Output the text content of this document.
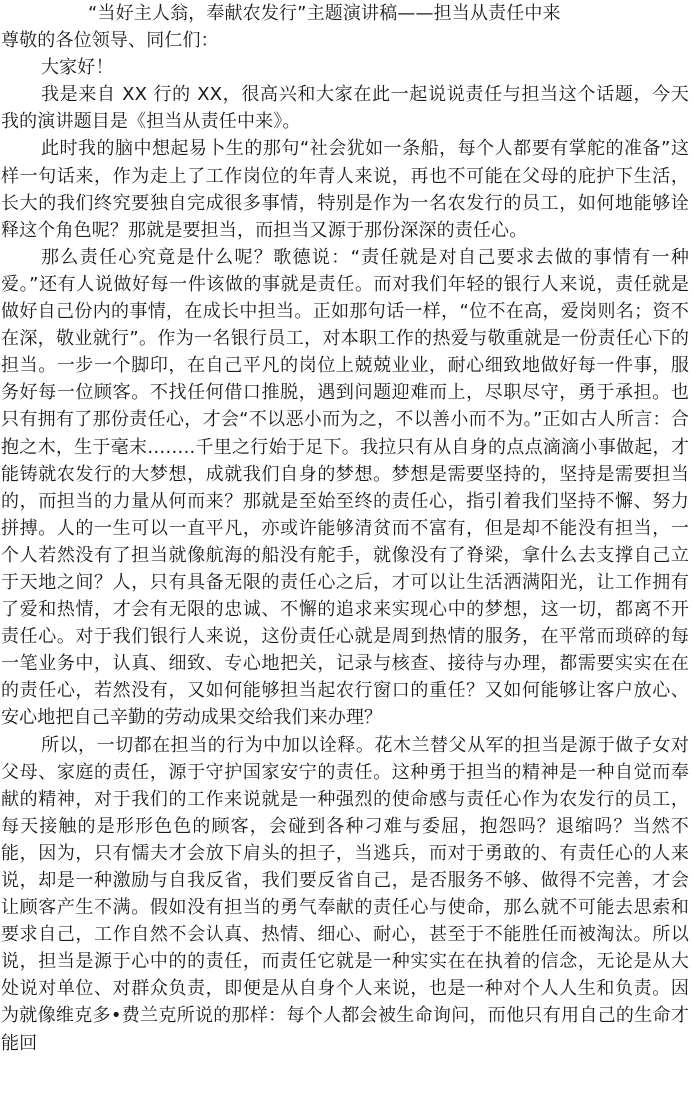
“当好主人翁，奉献农发行”主题演讲稿——担当从责任中来

尊敬的各位领导、同仁们：

大家好！

我是来自 XX 行的 XX，很高兴和大家在此一起说说责任与担当这个话题，今天我的演讲题目是《担当从责任中来》。

此时我的脑中想起易卜生的那句“社会犹如一条船，每个人都要有掌舵的准备”这样一句话来，作为走上了工作岗位的年青人来说，再也不可能在父母的庇护下生活，长大的我们终究要独自完成很多事情，特别是作为一名农发行的员工，如何地能够诠释这个角色呢？那就是要担当，而担当又源于那份深深的责任心。

那么责任心究竟是什么呢？歌德说：“责任就是对自己要求去做的事情有一种爱。”还有人说做好每一件该做的事就是责任。而对我们年轻的银行人来说，责任就是做好自己份内的事情，在成长中担当。正如那句话一样，“位不在高，爱岗则名；资不在深，敬业就行”。作为一名银行员工，对本职工作的热爱与敬重就是一份责任心下的担当。一步一个脚印，在自己平凡的岗位上兢兢业业，耐心细致地做好每一件事，服务好每一位顾客。不找任何借口推脱，遇到问题迎难而上，尽职尽守，勇于承担。也只有拥有了那份责任心，才会“不以恶小而为之，不以善小而不为。”正如古人所言：合抱之木，生于毫末……..千里之行始于足下。我拉只有从自身的点点滴滴小事做起，才能铸就农发行的大梦想，成就我们自身的梦想。梦想是需要坚持的，坚持是需要担当的，而担当的力量从何而来？那就是至始至终的责任心，指引着我们坚持不懈、努力拼搏。人的一生可以一直平凡，亦或许能够清贫而不富有，但是却不能没有担当，一个人若然没有了担当就像航海的船没有舵手，就像没有了脊梁，拿什么去支撑自己立于天地之间？人，只有具备无限的责任心之后，才可以让生活洒满阳光，让工作拥有了爱和热情，才会有无限的忠诚、不懈的追求来实现心中的梦想，这一切，都离不开责任心。对于我们银行人来说，这份责任心就是周到热情的服务，在平常而琐碎的每一笔业务中，认真、细致、专心地把关，记录与核查、接待与办理，都需要实实在在的责任心，若然没有，又如何能够担当起农行窗口的重任？又如何能够让客户放心、安心地把自己辛勤的劳动成果交给我们来办理？

所以，一切都在担当的行为中加以诠释。花木兰替父从军的担当是源于做子女对父母、家庭的责任，源于守护国家安宁的责任。这种勇于担当的精神是一种自觉而奉献的精神，对于我们的工作来说就是一种强烈的使命感与责任心作为农发行的员工，每天接触的是形形色色的顾客，会碰到各种刁难与委屈，抱怨吗？退缩吗？当然不能，因为，只有懦夫才会放下肩头的担子，当逃兵，而对于勇敢的、有责任心的人来说，却是一种激励与自我反省，我们要反省自己，是否服务不够、做得不完善，才会让顾客产生不满。假如没有担当的勇气奉献的责任心与使命，那么就不可能去思索和要求自己，工作自然不会认真、热情、细心、耐心，甚至于不能胜任而被淘汰。所以说，担当是源于心中的的责任，而责任它就是一种实实在在执着的信念，无论是从大处说对单位、对群众负责，即便是从自身个人来说，也是一种对个人人生和负责。因为就像维克多•费兰克所说的那样：每个人都会被生命询问，而他只有用自己的生命才能回
